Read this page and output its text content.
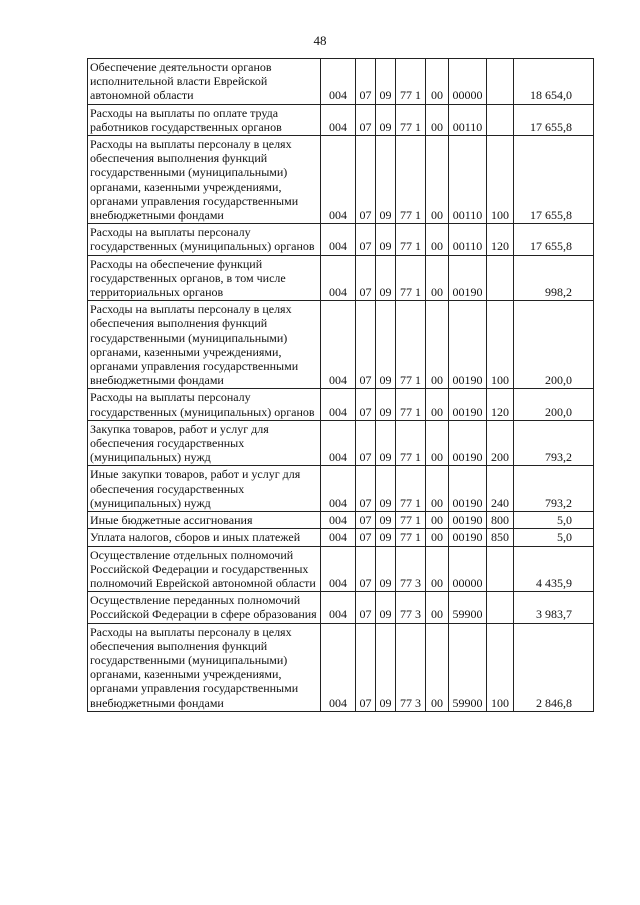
48
Обеспечение деятельности органов исполнительной власти Еврейской автономной области	004	07	09	77 1	00	00000		18 654,0
Расходы на выплаты по оплате труда работников государственных органов	004	07	09	77 1	00	00110		17 655,8
Расходы на выплаты персоналу в целях обеспечения выполнения функций государственными (муниципальными) органами, казенными учреждениями, органами управления государственными внебюджетными фондами	004	07	09	77 1	00	00110	100	17 655,8
Расходы на выплаты персоналу государственных (муниципальных) органов	004	07	09	77 1	00	00110	120	17 655,8
Расходы на обеспечение функций государственных органов, в том числе территориальных органов	004	07	09	77 1	00	00190		998,2
Расходы на выплаты персоналу в целях обеспечения выполнения функций государственными (муниципальными) органами, казенными учреждениями, органами управления государственными внебюджетными фондами	004	07	09	77 1	00	00190	100	200,0
Расходы на выплаты персоналу государственных (муниципальных) органов	004	07	09	77 1	00	00190	120	200,0
Закупка товаров, работ и услуг для обеспечения государственных (муниципальных) нужд	004	07	09	77 1	00	00190	200	793,2
Иные закупки товаров, работ и услуг для обеспечения государственных (муниципальных) нужд	004	07	09	77 1	00	00190	240	793,2
Иные бюджетные ассигнования	004	07	09	77 1	00	00190	800	5,0
Уплата налогов, сборов и иных платежей	004	07	09	77 1	00	00190	850	5,0
Осуществление отдельных полномочий Российской Федерации и государственных полномочий Еврейской автономной области	004	07	09	77 3	00	00000		4 435,9
Осуществление переданных полномочий Российской Федерации в сфере образования	004	07	09	77 3	00	59900		3 983,7
Расходы на выплаты персоналу в целях обеспечения выполнения функций государственными (муниципальными) органами, казенными учреждениями, органами управления государственными внебюджетными фондами	004	07	09	77 3	00	59900	100	2 846,8
